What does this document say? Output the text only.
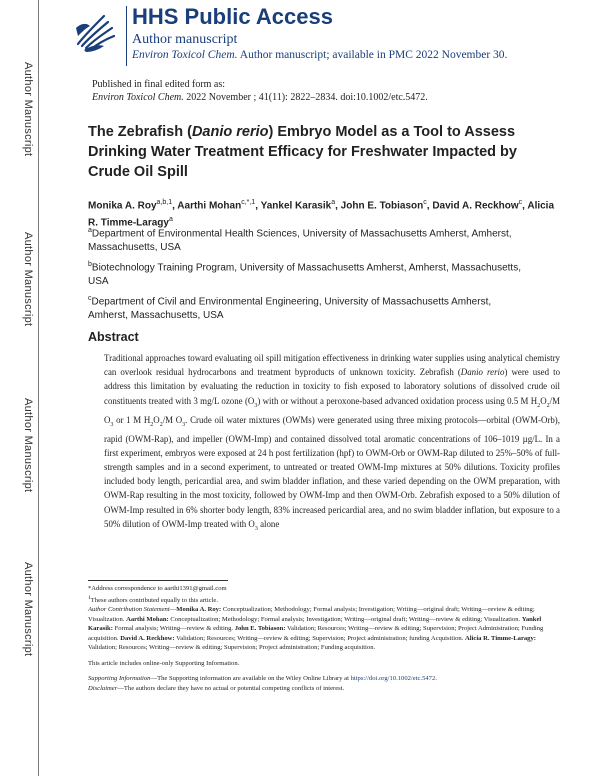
Author Manuscript
Author Manuscript
Author Manuscript
Author Manuscript
HHS Public Access
Author manuscript
Environ Toxicol Chem. Author manuscript; available in PMC 2022 November 30.
Published in final edited form as:
Environ Toxicol Chem. 2022 November ; 41(11): 2822–2834. doi:10.1002/etc.5472.
The Zebrafish (Danio rerio) Embryo Model as a Tool to Assess Drinking Water Treatment Efficacy for Freshwater Impacted by Crude Oil Spill
Monika A. Roy$^{a,b,1}$, Aarthi Mohan$^{c,*,1}$, Yankel Karasik$^a$, John E. Tobiason$^c$, David A. Reckhow$^c$, Alicia R. Timme-Laragy$^a$
$^a$Department of Environmental Health Sciences, University of Massachusetts Amherst, Amherst, Massachusetts, USA
$^b$Biotechnology Training Program, University of Massachusetts Amherst, Amherst, Massachusetts, USA
$^c$Department of Civil and Environmental Engineering, University of Massachusetts Amherst, Amherst, Massachusetts, USA
Abstract
Traditional approaches toward evaluating oil spill mitigation effectiveness in drinking water supplies using analytical chemistry can overlook residual hydrocarbons and treatment byproducts of unknown toxicity. Zebrafish (Danio rerio) were used to address this limitation by evaluating the reduction in toxicity to fish exposed to laboratory solutions of dissolved crude oil constituents treated with 3 mg/L ozone $(O_3)$ with or without a peroxone-based advanced oxidation process using 0.5 M $H_2O_2/M$ $O_3$ or 1 M $H_2O_2/M$ $O_3$. Crude oil water mixtures (OWMs) were generated using three mixing protocols—orbital (OWM-Orb), rapid (OWM-Rap), and impeller (OWM-Imp) and contained dissolved total aromatic concentrations of 106–1019 µg/L. In a first experiment, embryos were exposed at 24 h post fertilization (hpf) to OWM-Orb or OWM-Rap diluted to 25%–50% of full-strength samples and in a second experiment, to untreated or treated OWM-Imp mixtures at 50% dilutions. Toxicity profiles included body length, pericardial area, and swim bladder inflation, and these varied depending on the OWM preparation, with OWM-Rap resulting in the most toxicity, followed by OWM-Imp and then OWM-Orb. Zebrafish exposed to a 50% dilution of OWM-Imp resulted in 6% shorter body length, 83% increased pericardial area, and no swim bladder inflation, but exposure to a 50% dilution of OWM-Imp treated with $O_3$ alone

*Address correspondence to aarthi1391@gmail.com

$^1$These authors contributed equally to this article.

Author Contribution Statement—Monika A. Roy: Conceptualization; Methodology; Formal analysis; Investigation; Writing—original draft; Writing—review & editing; Visualization. Aarthi Mohan: Conceptualization; Methodology; Formal analysis; Investigation; Writing—original draft; Writing—review & editing; Visualization. Yankel Karasik: Formal analysis; Writing—review & editing. John E. Tobiason: Validation; Resources; Writing—review & editing; Supervision; Project Administration; Funding acquisition. David A. Reckhow: Validation; Resources; Writing—review & editing; Supervision; Project administration; funding Acquisition. Alicia R. Timme-Laragy: Validation; Resources; Writing—review & editing; Supervision; Project administration; Funding acquisition.

This article includes online-only Supporting Information.

Supporting Information—The Supporting information are available on the Wiley Online Library at https://doi.org/10.1002/etc.5472.

Disclaimer—The authors declare they have no actual or potential competing conflicts of interest.
